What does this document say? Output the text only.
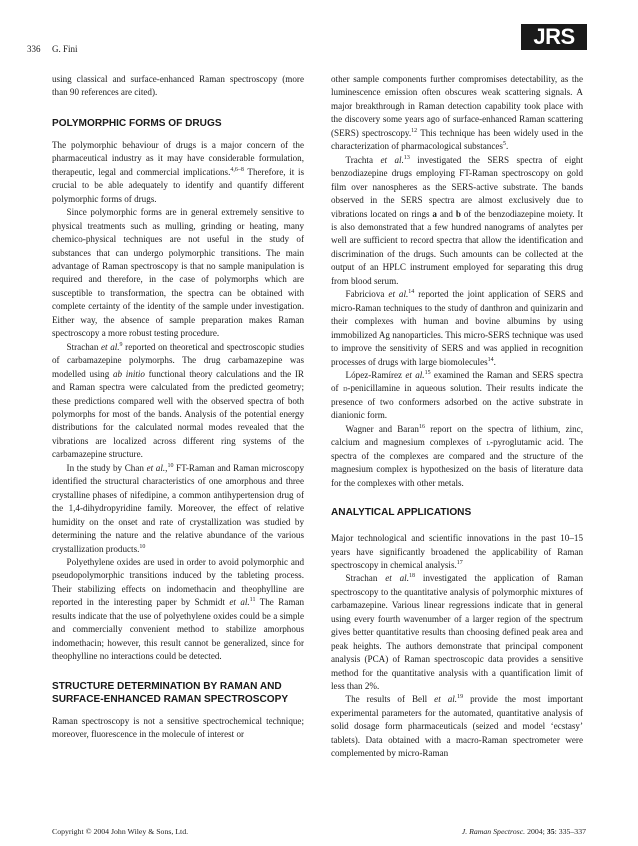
336 G. Fini	JRS

using classical and surface-enhanced Raman spectroscopy (more than 90 references are cited).

POLYMORPHIC FORMS OF DRUGS

The polymorphic behaviour of drugs is a major concern of the pharmaceutical industry as it may have considerable formulation, therapeutic, legal and commercial implications.$^{4,6-8}$ Therefore, it is crucial to be able adequately to identify and quantify different polymorphic forms of drugs.

Since polymorphic forms are in general extremely sensitive to physical treatments such as mulling, grinding or heating, many chemico-physical techniques are not useful in the study of substances that can undergo polymorphic transitions. The main advantage of Raman spectroscopy is that no sample manipulation is required and therefore, in the case of polymorphs which are susceptible to transformation, the spectra can be obtained with complete certainty of the identity of the sample under investigation. Either way, the absence of sample preparation makes Raman spectroscopy a more robust testing procedure.

Strachan et al.$^9$ reported on theoretical and spectroscopic studies of carbamazepine polymorphs. The drug carbamazepine was modelled using ab initio functional theory calculations and the IR and Raman spectra were calculated from the predicted geometry; these predictions compared well with the observed spectra of both polymorphs for most of the bands. Analysis of the potential energy distributions for the calculated normal modes revealed that the vibrations are localized across different ring systems of the carbamazepine structure.

In the study by Chan et al.,$^{10}$ FT-Raman and Raman microscopy identified the structural characteristics of one amorphous and three crystalline phases of nifedipine, a common antihypertension drug of the 1,4-dihydropyridine family. Moreover, the effect of relative humidity on the onset and rate of crystallization was studied by determining the nature and the relative abundance of the various crystallization products.$^{10}$

Polyethylene oxides are used in order to avoid polymorphic and pseudopolymorphic transitions induced by the tableting process. Their stabilizing effects on indomethacin and theophylline are reported in the interesting paper by Schmidt et al.$^{11}$ The Raman results indicate that the use of polyethylene oxides could be a simple and commercially convenient method to stabilize amorphous indomethacin; however, this result cannot be generalized, since for theophylline no interactions could be detected.

STRUCTURE DETERMINATION BY RAMAN AND SURFACE-ENHANCED RAMAN SPECTROSCOPY

Raman spectroscopy is not a sensitive spectrochemical technique; moreover, fluorescence in the molecule of interest or

other sample components further compromises detectability, as the luminescence emission often obscures weak scattering signals. A major breakthrough in Raman detection capability took place with the discovery some years ago of surface-enhanced Raman scattering (SERS) spectroscopy.$^{12}$ This technique has been widely used in the characterization of pharmacological substances$^5$.

Trachta et al.$^{13}$ investigated the SERS spectra of eight benzodiazepine drugs employing FT-Raman spectroscopy on gold film over nanospheres as the SERS-active substrate. The bands observed in the SERS spectra are almost exclusively due to vibrations located on rings a and b of the benzodiazepine moiety. It is also demonstrated that a few hundred nanograms of analytes per well are sufficient to record spectra that allow the identification and discrimination of the drugs. Such amounts can be collected at the output of an HPLC instrument employed for separating this drug from blood serum.

Fabriciova et al.$^{14}$ reported the joint application of SERS and micro-Raman techniques to the study of danthron and quinizarin and their complexes with human and bovine albumins by using immobilized Ag nanoparticles. This micro-SERS technique was used to improve the sensitivity of SERS and was applied in recognition processes of drugs with large biomolecules$^{14}$.

López-Ramírez et al.$^{15}$ examined the Raman and SERS spectra of d-penicillamine in aqueous solution. Their results indicate the presence of two conformers adsorbed on the active substrate in dianionic form.

Wagner and Baran$^{16}$ report on the spectra of lithium, zinc, calcium and magnesium complexes of l-pyroglutamic acid. The spectra of the complexes are compared and the structure of the magnesium complex is hypothesized on the basis of literature data for the complexes with other metals.

ANALYTICAL APPLICATIONS

Major technological and scientific innovations in the past 10–15 years have significantly broadened the applicability of Raman spectroscopy in chemical analysis.$^{17}$

Strachan et al.$^{18}$ investigated the application of Raman spectroscopy to the quantitative analysis of polymorphic mixtures of carbamazepine. Various linear regressions indicate that in general using every fourth wavenumber of a larger region of the spectrum gives better quantitative results than choosing defined peak area and peak heights. The authors demonstrate that principal component analysis (PCA) of Raman spectroscopic data provides a sensitive method for the quantitative analysis with a quantification limit of less than 2%.

The results of Bell et al.$^{19}$ provide the most important experimental parameters for the automated, quantitative analysis of solid dosage form pharmaceuticals (seized and model ‘ecstasy’ tablets). Data obtained with a macro-Raman spectrometer were complemented by micro-Raman

Copyright © 2004 John Wiley & Sons, Ltd.	J. Raman Spectrosc. 2004; 35: 335–337
